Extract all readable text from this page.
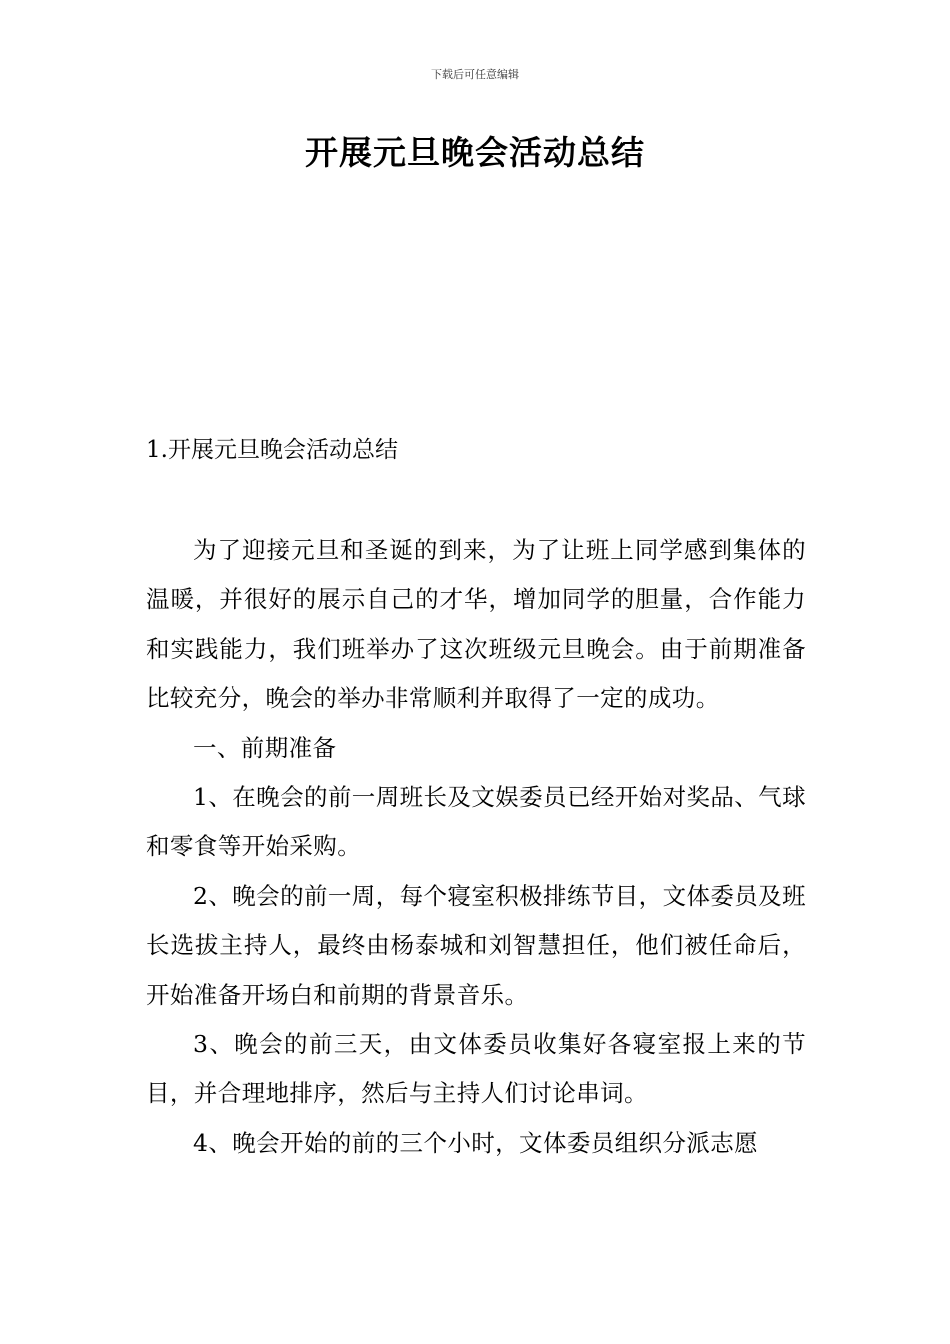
下载后可任意编辑
开展元旦晚会活动总结
1.开展元旦晚会活动总结

为了迎接元旦和圣诞的到来，为了让班上同学感到集体的温暖，并很好的展示自己的才华，增加同学的胆量，合作能力和实践能力，我们班举办了这次班级元旦晚会。由于前期准备比较充分，晚会的举办非常顺利并取得了一定的成功。

一、前期准备

1、在晚会的前一周班长及文娱委员已经开始对奖品、气球和零食等开始采购。

2、晚会的前一周，每个寝室积极排练节目，文体委员及班长选拔主持人，最终由杨泰城和刘智慧担任，他们被任命后，开始准备开场白和前期的背景音乐。

3、晚会的前三天，由文体委员收集好各寝室报上来的节目，并合理地排序，然后与主持人们讨论串词。

4、晚会开始的前的三个小时，文体委员组织分派志愿
